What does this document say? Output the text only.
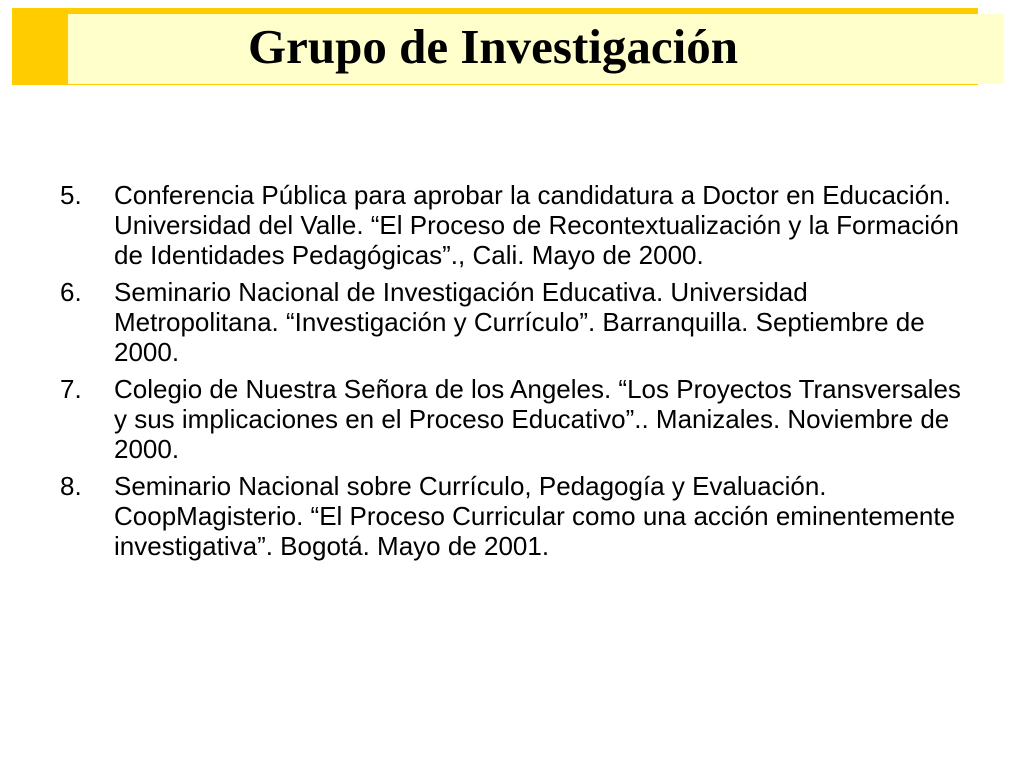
Grupo de Investigación
5. Conferencia Pública para aprobar la candidatura a Doctor en Educación. Universidad del Valle. “El Proceso de Recontextualización y la Formación de Identidades Pedagógicas”., Cali. Mayo de 2000.
6. Seminario Nacional de Investigación Educativa. Universidad Metropolitana. “Investigación y Currículo”. Barranquilla. Septiembre de 2000.
7. Colegio de Nuestra Señora de los Angeles. “Los Proyectos Transversales y sus implicaciones en el Proceso Educativo”.. Manizales. Noviembre de 2000.
8. Seminario Nacional sobre Currículo, Pedagogía y Evaluación. CoopMagisterio. “El Proceso Curricular como una acción eminentemente investigativa”. Bogotá. Mayo de 2001.
